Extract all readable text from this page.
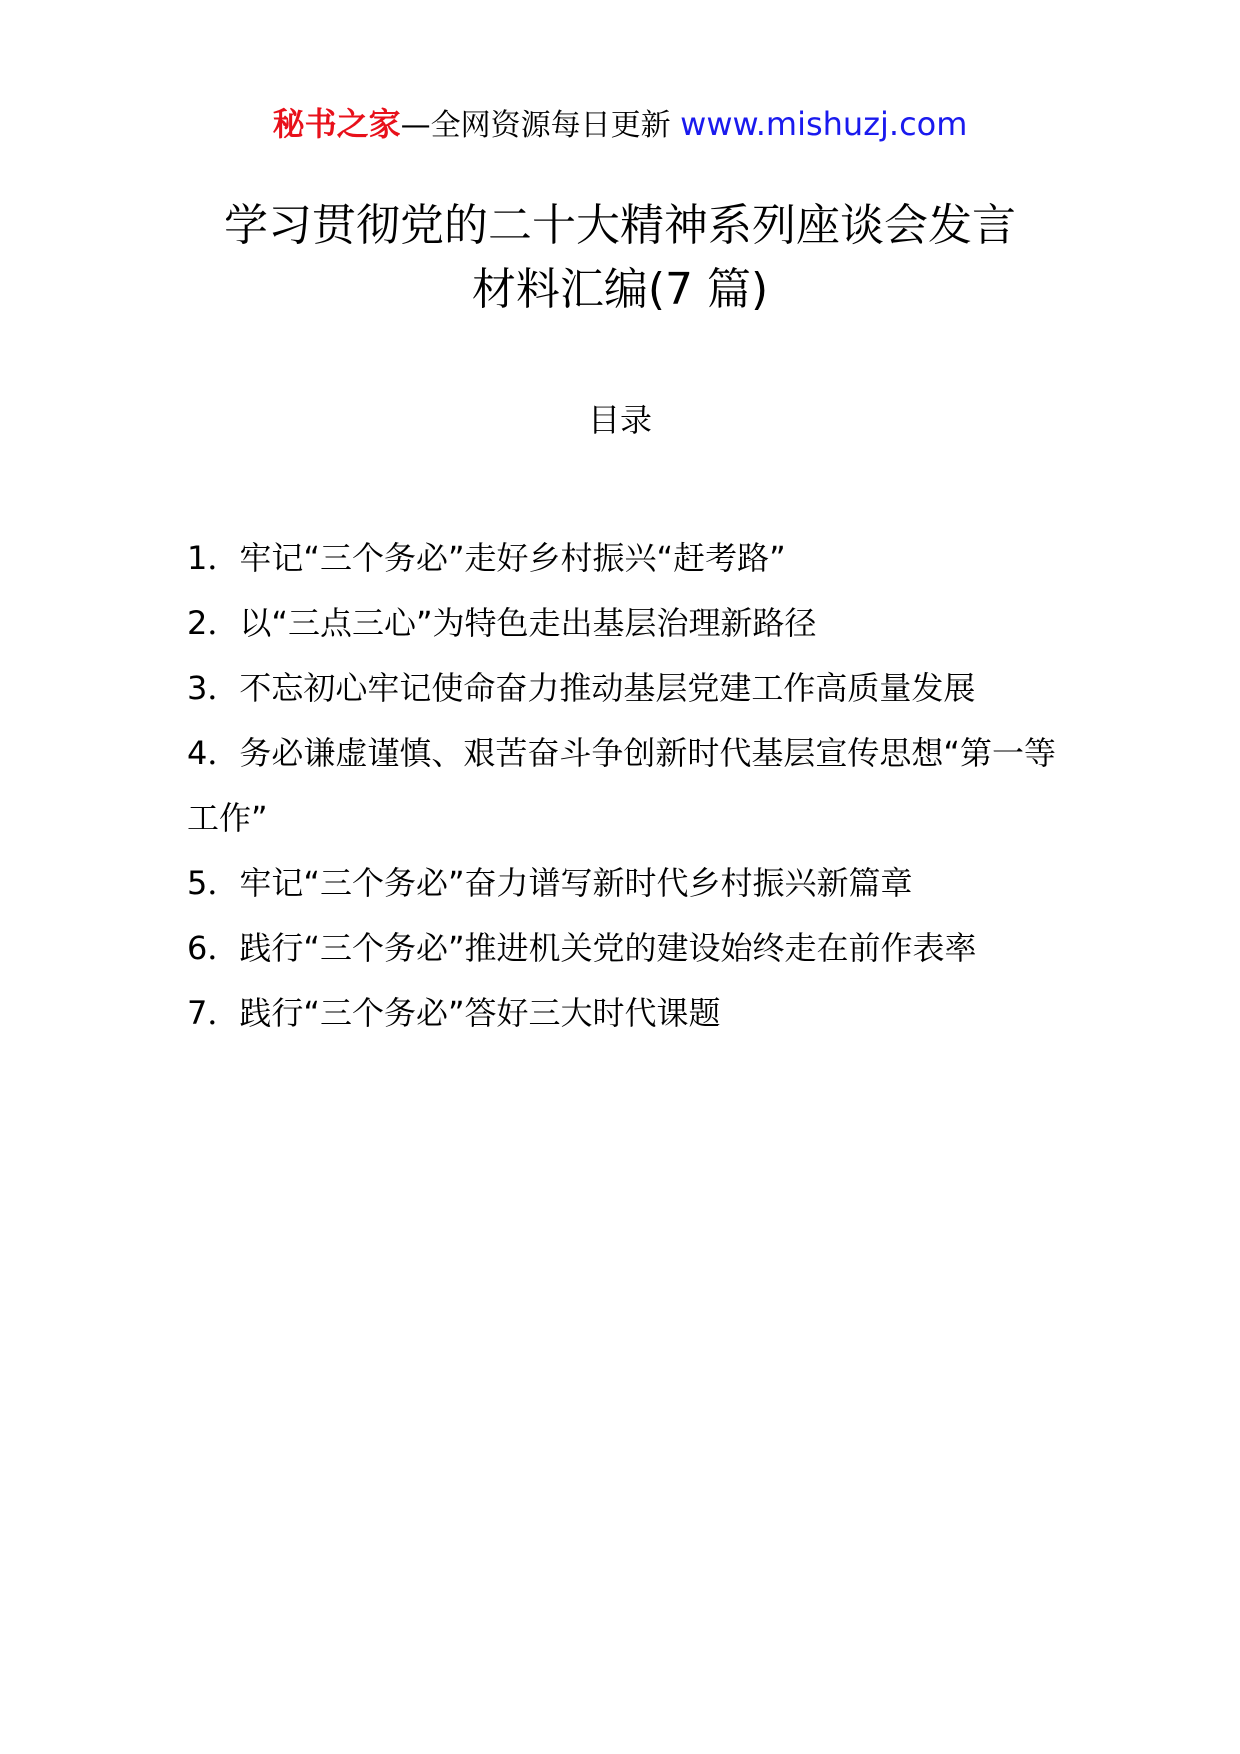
秘书之家—全网资源每日更新 www.mishuzj.com
学习贯彻党的二十大精神系列座谈会发言
材料汇编(7 篇)
目录
1．牢记“三个务必”走好乡村振兴“赶考路”
2．以“三点三心”为特色走出基层治理新路径
3．不忘初心牢记使命奋力推动基层党建工作高质量发展
4．务必谦虚谨慎、艰苦奋斗争创新时代基层宣传思想“第一等工作”
5．牢记“三个务必”奋力谱写新时代乡村振兴新篇章
6．践行“三个务必”推进机关党的建设始终走在前作表率
7．践行“三个务必”答好三大时代课题
